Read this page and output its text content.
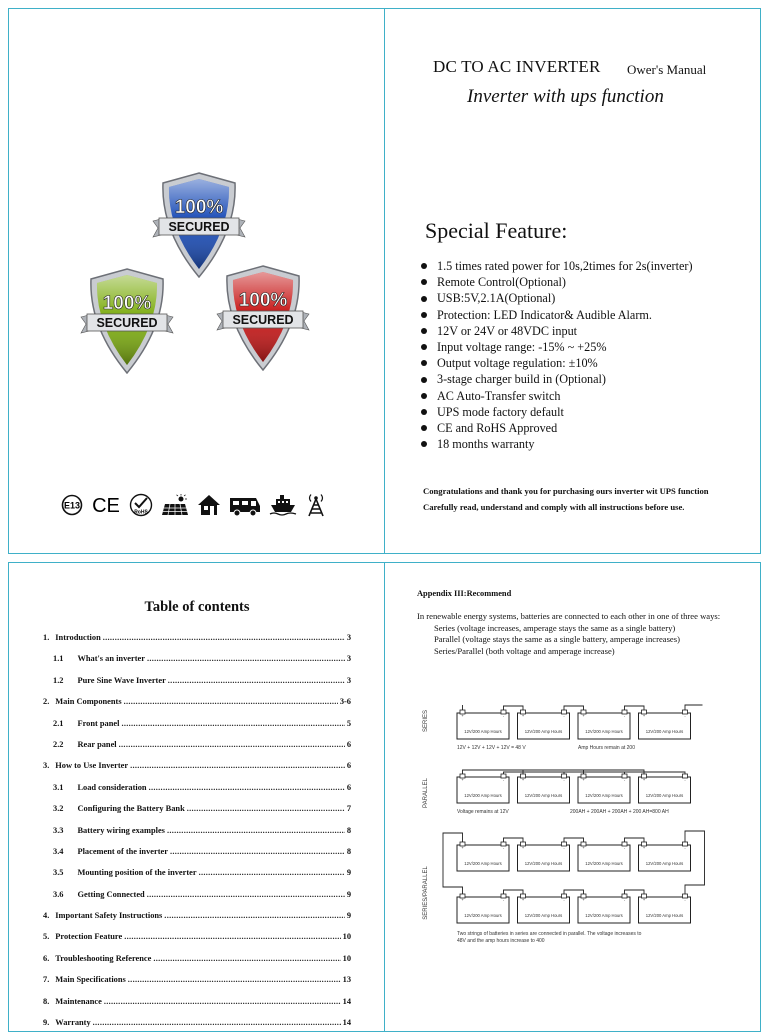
100%
SECURED
100%
SECURED
100%
SECURED
E13 CE	RoHS
DC TO AC INVERTER Ower's Manual
Inverter with ups function
Special Feature:
1.5 times rated power for 10s,2times for 2s(inverter)
Remote Control(Optional)
USB:5V,2.1A(Optional)
Protection: LED Indicator& Audible Alarm.
12V or 24V or 48VDC input
Input voltage range: -15% ~ +25%
Output voltage regulation: ±10%
3-stage charger build in (Optional)
AC Auto-Transfer switch
UPS mode factory default
CE and RoHS Approved
18 months warranty
Congratulations and thank you for purchasing ours inverter wit UPS function
Carefully read, understand and comply with all instructions before use.
Table of contents
1. Introduction .....	3
1.1 What's an inverter .....	3
1.2 Pure Sine Wave Inverter .....	3
2. Main Components .....	3-6
2.1 Front panel .....	5
2.2 Rear panel .....	6
3. How to Use Inverter .....	6
3.1 Load consideration .....	6
3.2 Configuring the Battery Bank .....	7
3.3 Battery wiring examples .....	8
3.4 Placement of the inverter .....	8
3.5 Mounting position of the inverter .....	9
3.6 Getting Connected .....	9
4. Important Safety Instructions .....	9
5. Protection Feature .....	10
6. Troubleshooting Reference .....	10
7. Main Specifications .....	13
8. Maintenance .....	14
9. Warranty .....	14
Appendix III:Recommend
In renewable energy systems, batteries are connected to each other in one of three ways:
Series (voltage increases, amperage stays the same as a single battery)
Parallel (voltage stays the same as a single battery, amperage increases)
Series/Parallel (both voltage and amperage increase)
SERIES	+	-
12V/200 Amp Hours
+	-
12V/200 Amp Hours
+	-
12V/200 Amp Hours
+	-
12V/200 Amp Hours
12V + 12V + 12V + 12V = 48 V	Amp Hours remain at 200
PARALLEL	+	-
12V/200 Amp Hours
+	-
12V/200 Amp Hours
+	-
12V/200 Amp Hours
+	-
12V/200 Amp Hours
Voltage remains at 12V	200AH + 200AH + 200AH + 200 AH=800 AH
SERIES/PARALLEL
+	-
12V/200 Amp Hours
+	-
12V/200 Amp Hours
+	-
12V/200 Amp Hours
+	-
12V/200 Amp Hours
+	-
12V/200 Amp Hours
+	-
12V/200 Amp Hours
+	-
12V/200 Amp Hours
+	-
12V/200 Amp Hours
Two strings of batteries in series are connected in parallel. The voltage increases to 48V and the amp hours increase to 400
